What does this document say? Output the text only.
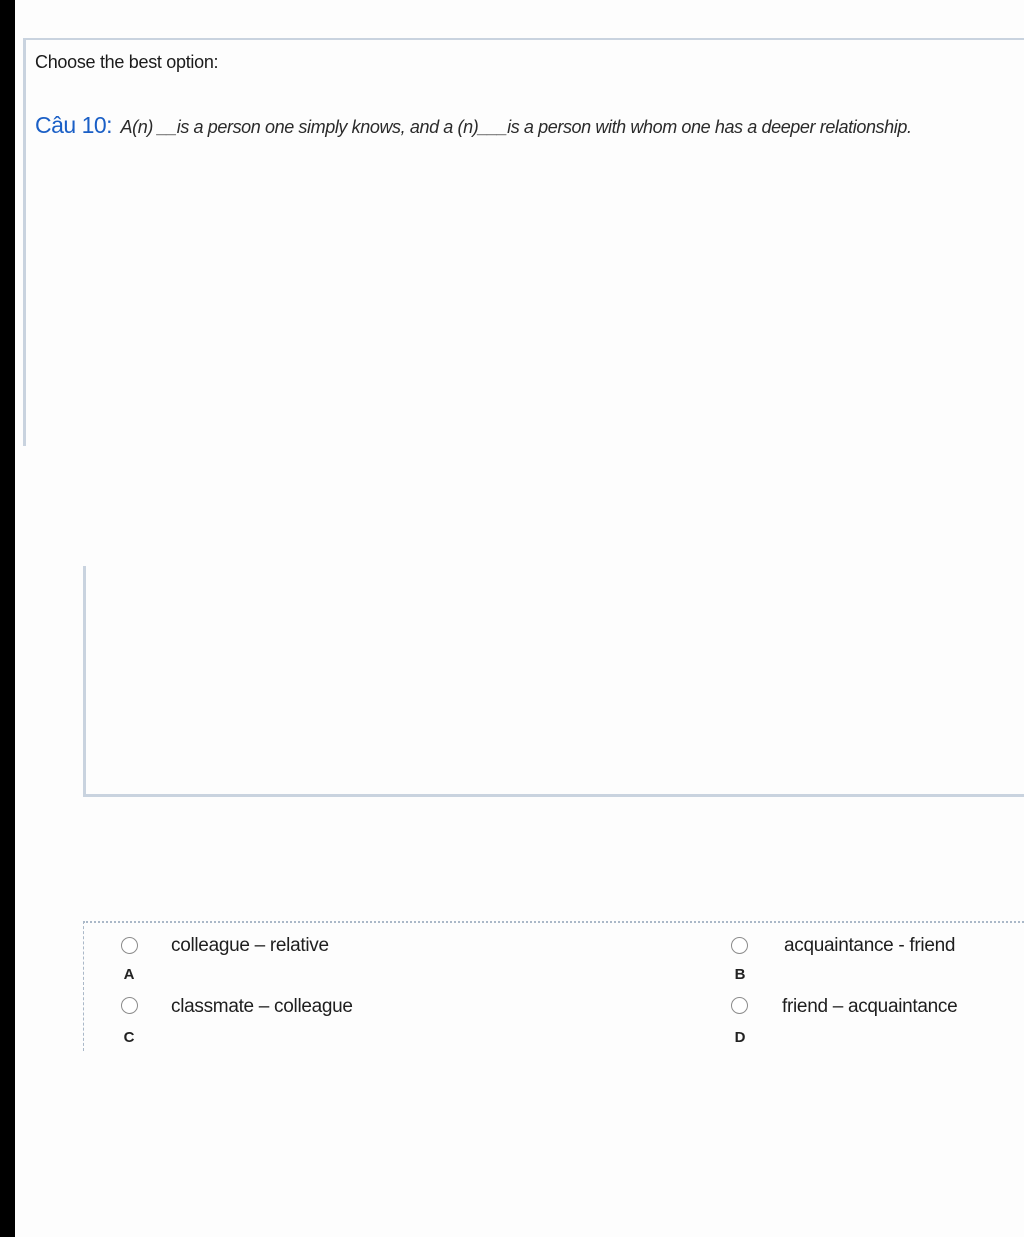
Choose the best option:
Câu 10: A(n) __is a person one simply knows, and a (n)___is a person with whom one has a deeper relationship.
A
colleague – relative
B
acquaintance - friend
C
classmate – colleague
D
friend – acquaintance
